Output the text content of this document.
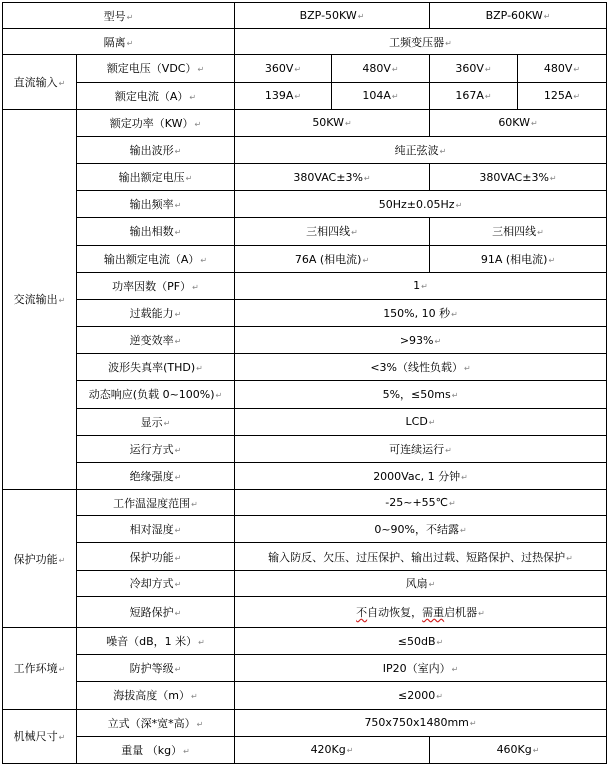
型号↵		BZP-50KW↵		BZP-60KW↵	
隔离↵		工频变压器↵			
直流输入↵	额定电压（VDC）↵	360V↵	480V↵	360V↵	480V↵
	额定电流（A）↵	139A↵	104A↵	167A↵	125A↵
交流输出↵	额定功率（KW）↵	50KW↵		60KW↵	
	输出波形↵	纯正弦波↵			
	输出额定电压↵	380VAC±3%↵		380VAC±3%↵	
	输出频率↵	50Hz±0.05Hz↵			
	输出相数↵	三相四线↵		三相四线↵	
	输出额定电流（A）↵	76A (相电流)↵		91A (相电流)↵	
	功率因数（PF）↵	1↵			
	过载能力↵	150%, 10 秒↵			
	逆变效率↵	>93%↵			
	波形失真率(THD)↵	<3%（线性负载）↵			
	动态响应(负载 0~100%)↵	5%，≤50ms↵			
	显示↵	LCD↵			
	运行方式↵	可连续运行↵			
	绝缘强度↵	2000Vac, 1 分钟↵			
保护功能↵	工作温湿度范围↵	-25~+55℃↵			
	相对湿度↵	0~90%，不结露↵			
	保护功能↵	输入防反、欠压、过压保护、输出过载、短路保护、过热保护↵			
	冷却方式↵	风扇↵			
	短路保护↵	不自动恢复，需重启机器↵			
工作环境↵	噪音（dB，1 米）↵	≤50dB↵			
	防护等级↵	IP20（室内）↵			
	海拔高度（m）↵	≤2000↵			
机械尺寸↵	立式（深*宽*高）↵	750x750x1480mm↵			
	重量 （kg）↵	420Kg↵		460Kg↵	
